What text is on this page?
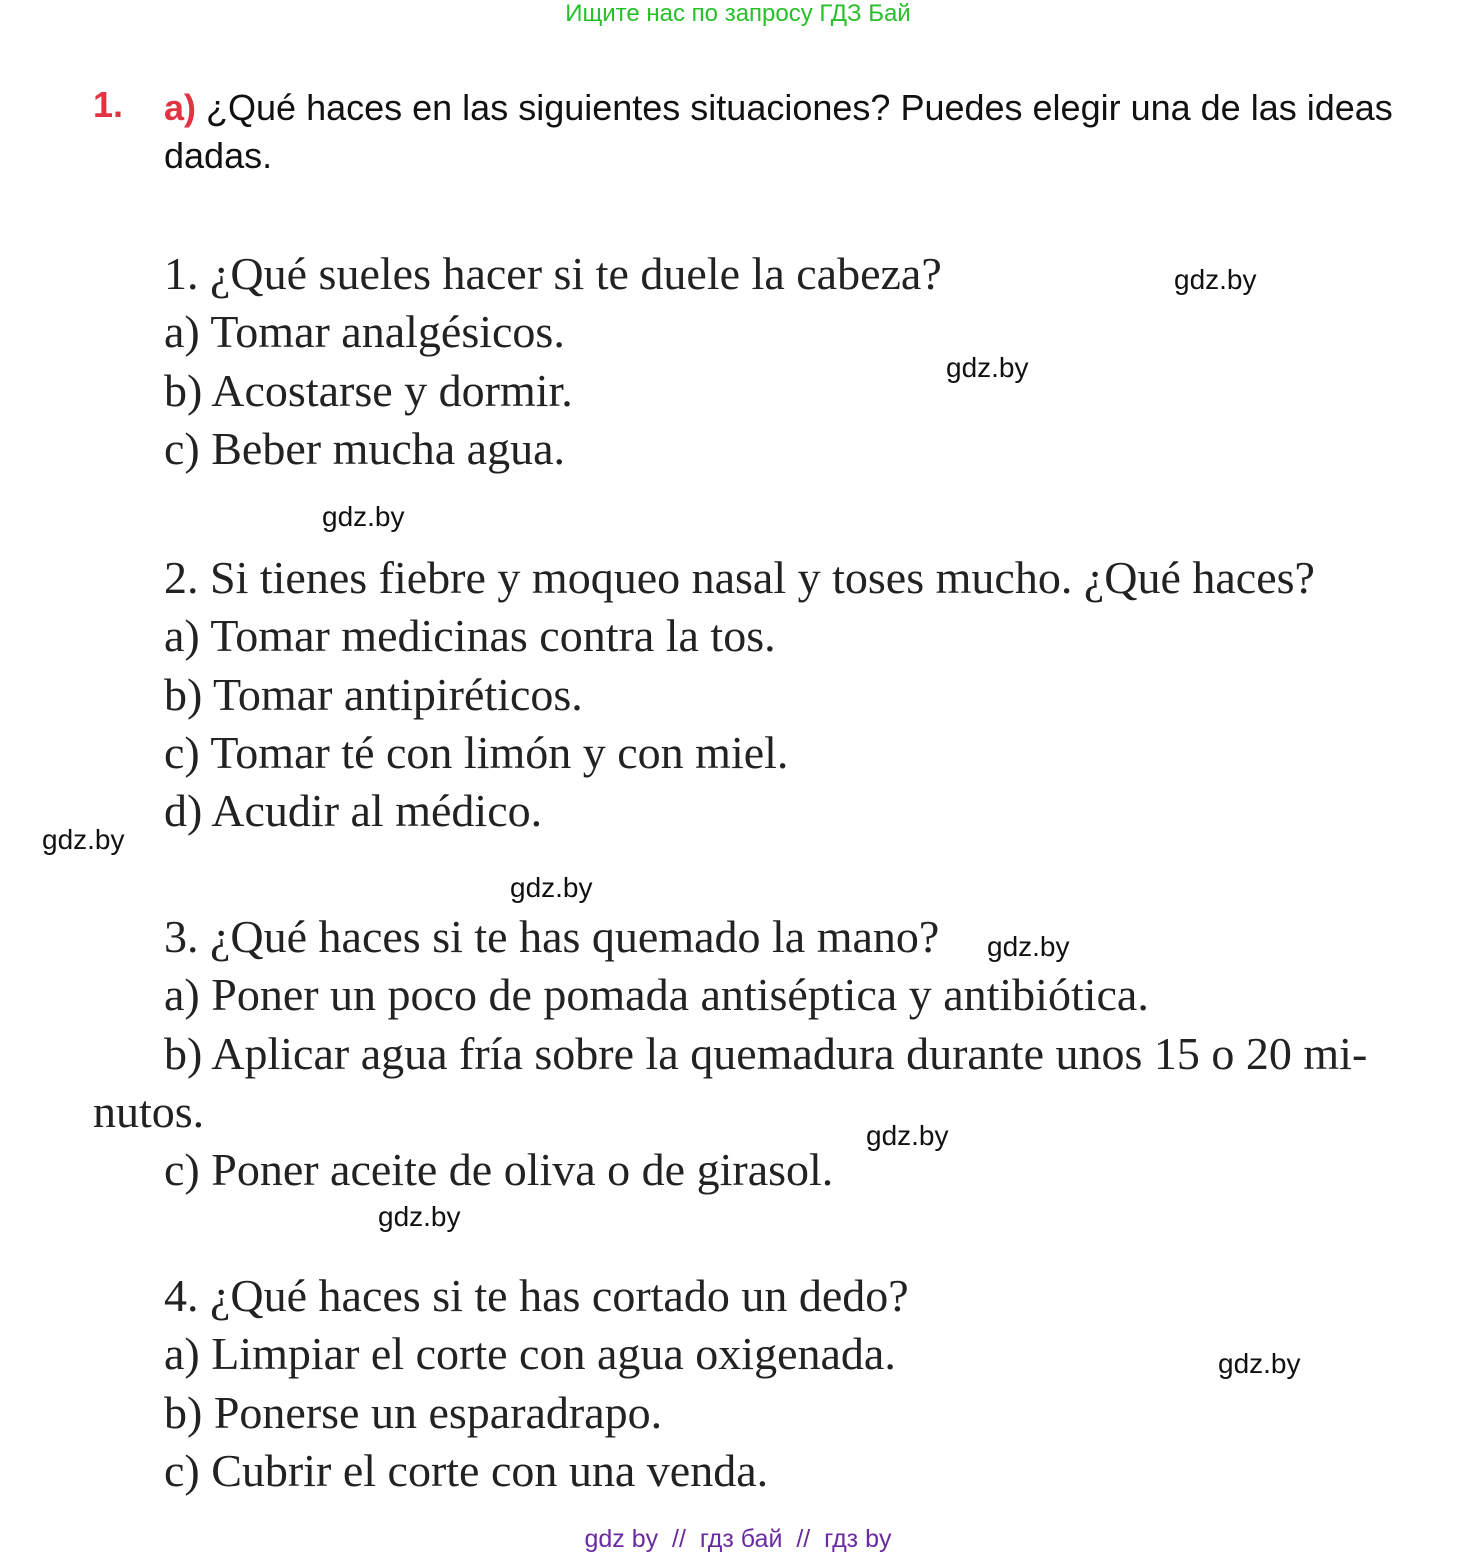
Ищите нас по запросу ГДЗ Бай
1. a) ¿Qué haces en las siguientes situaciones? Puedes elegir una de las ideas dadas.
1. ¿Qué sueles hacer si te duele la cabeza?
a) Tomar analgésicos.
b) Acostarse y dormir.
c) Beber mucha agua.
2. Si tienes fiebre y moqueo nasal y toses mucho. ¿Qué haces?
a) Tomar medicinas contra la tos.
b) Tomar antipiréticos.
c) Tomar té con limón y con miel.
d) Acudir al médico.
3. ¿Qué haces si te has quemado la mano?
a) Poner un poco de pomada antiséptica y antibiótica.
b) Aplicar agua fría sobre la quemadura durante unos 15 o 20 mi-
nutos.
c) Poner aceite de oliva o de girasol.
4. ¿Qué haces si te has cortado un dedo?
a) Limpiar el corte con agua oxigenada.
b) Ponerse un esparadrapo.
c) Cubrir el corte con una venda.
gdz.by
gdz.by
gdz.by
gdz.by
gdz.by
gdz.by
gdz.by
gdz.by
gdz.by
gdz by  //  гдз бай  //  гдз by
